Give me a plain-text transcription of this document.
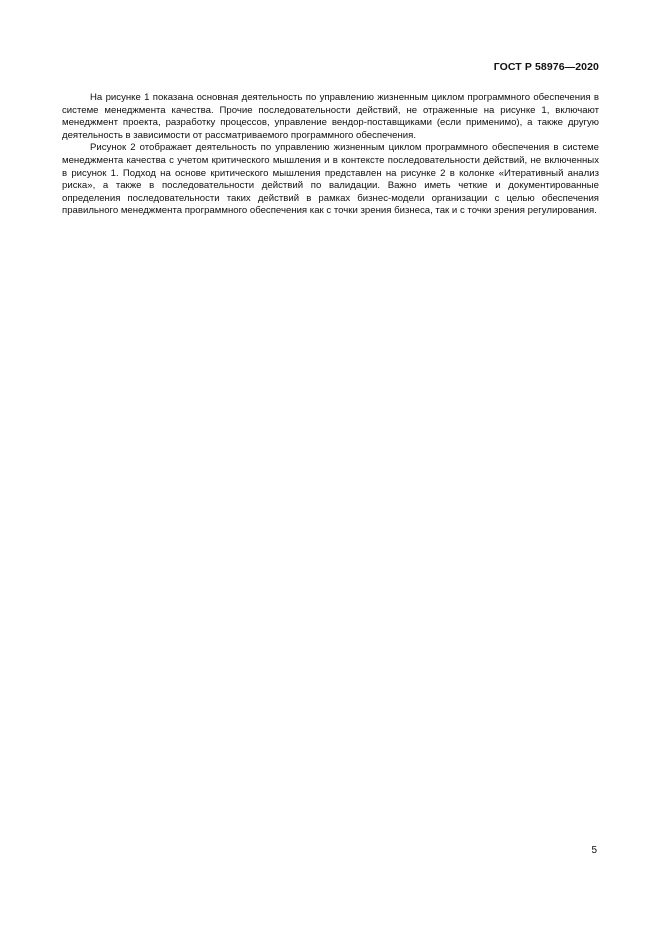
ГОСТ Р 58976—2020

На рисунке 1 показана основная деятельность по управлению жизненным циклом программного обеспечения в системе менеджмента качества. Прочие последовательности действий, не отраженные на рисунке 1, включают менеджмент проекта, разработку процессов, управление вендор-поставщиками (если применимо), а также другую деятельность в зависимости от рассматриваемого программного обеспечения.

Рисунок 2 отображает деятельность по управлению жизненным циклом программного обеспечения в системе менеджмента качества с учетом критического мышления и в контексте последовательности действий, не включенных в рисунок 1. Подход на основе критического мышления представлен на рисунке 2 в колонке «Итеративный анализ риска», а также в последовательности действий по валидации. Важно иметь четкие и документированные определения последовательности таких действий в рамках бизнес-модели организации с целью обеспечения правильного менеджмента программного обеспечения как с точки зрения бизнеса, так и с точки зрения регулирования.

5
